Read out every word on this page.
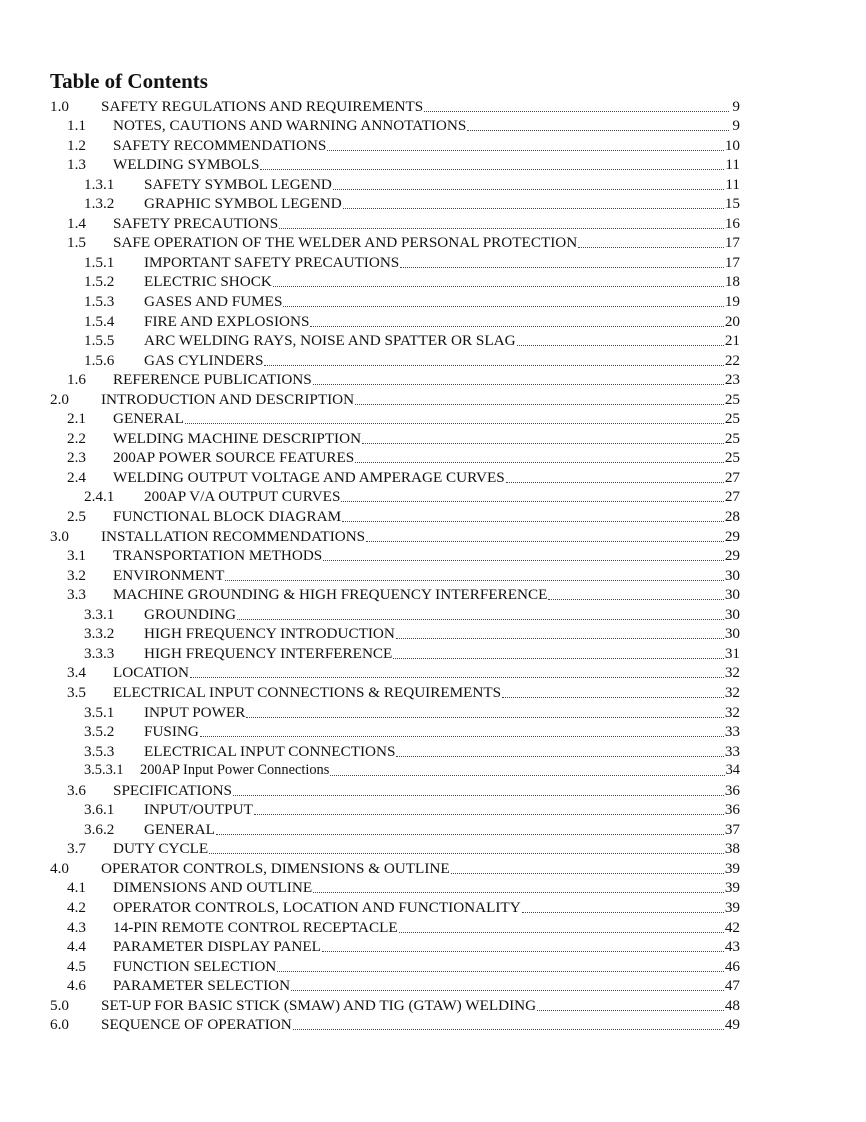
Table of Contents
1.0	SAFETY REGULATIONS AND REQUIREMENTS	9
1.1	NOTES, CAUTIONS AND WARNING ANNOTATIONS	9
1.2	SAFETY RECOMMENDATIONS	10
1.3	WELDING SYMBOLS	11
1.3.1	SAFETY SYMBOL LEGEND	11
1.3.2	GRAPHIC SYMBOL LEGEND	15
1.4	SAFETY PRECAUTIONS	16
1.5	SAFE OPERATION OF THE WELDER AND PERSONAL PROTECTION	17
1.5.1	IMPORTANT SAFETY PRECAUTIONS	17
1.5.2	ELECTRIC SHOCK	18
1.5.3	GASES AND FUMES	19
1.5.4	FIRE AND EXPLOSIONS	20
1.5.5	ARC WELDING RAYS, NOISE AND SPATTER OR SLAG	21
1.5.6	GAS CYLINDERS	22
1.6	REFERENCE PUBLICATIONS	23
2.0	INTRODUCTION AND DESCRIPTION	25
2.1	GENERAL	25
2.2	WELDING MACHINE DESCRIPTION	25
2.3	200AP POWER SOURCE FEATURES	25
2.4	WELDING OUTPUT VOLTAGE AND AMPERAGE CURVES	27
2.4.1	200AP V/A OUTPUT CURVES	27
2.5	FUNCTIONAL BLOCK DIAGRAM	28
3.0	INSTALLATION RECOMMENDATIONS	29
3.1	TRANSPORTATION METHODS	29
3.2	ENVIRONMENT	30
3.3	MACHINE GROUNDING & HIGH FREQUENCY INTERFERENCE	30
3.3.1	GROUNDING	30
3.3.2	HIGH FREQUENCY INTRODUCTION	30
3.3.3	HIGH FREQUENCY INTERFERENCE	31
3.4	LOCATION	32
3.5	ELECTRICAL INPUT CONNECTIONS & REQUIREMENTS	32
3.5.1	INPUT POWER	32
3.5.2	FUSING	33
3.5.3	ELECTRICAL INPUT CONNECTIONS	33
3.5.3.1	200AP Input Power Connections	34
3.6	SPECIFICATIONS	36
3.6.1	INPUT/OUTPUT	36
3.6.2	GENERAL	37
3.7	DUTY CYCLE	38
4.0	OPERATOR CONTROLS, DIMENSIONS & OUTLINE	39
4.1	DIMENSIONS AND OUTLINE	39
4.2	OPERATOR CONTROLS, LOCATION AND FUNCTIONALITY	39
4.3	14-PIN REMOTE CONTROL RECEPTACLE	42
4.4	PARAMETER DISPLAY PANEL	43
4.5	FUNCTION SELECTION	46
4.6	PARAMETER SELECTION	47
5.0	SET-UP FOR BASIC STICK (SMAW) AND TIG (GTAW) WELDING	48
6.0	SEQUENCE OF OPERATION	49
